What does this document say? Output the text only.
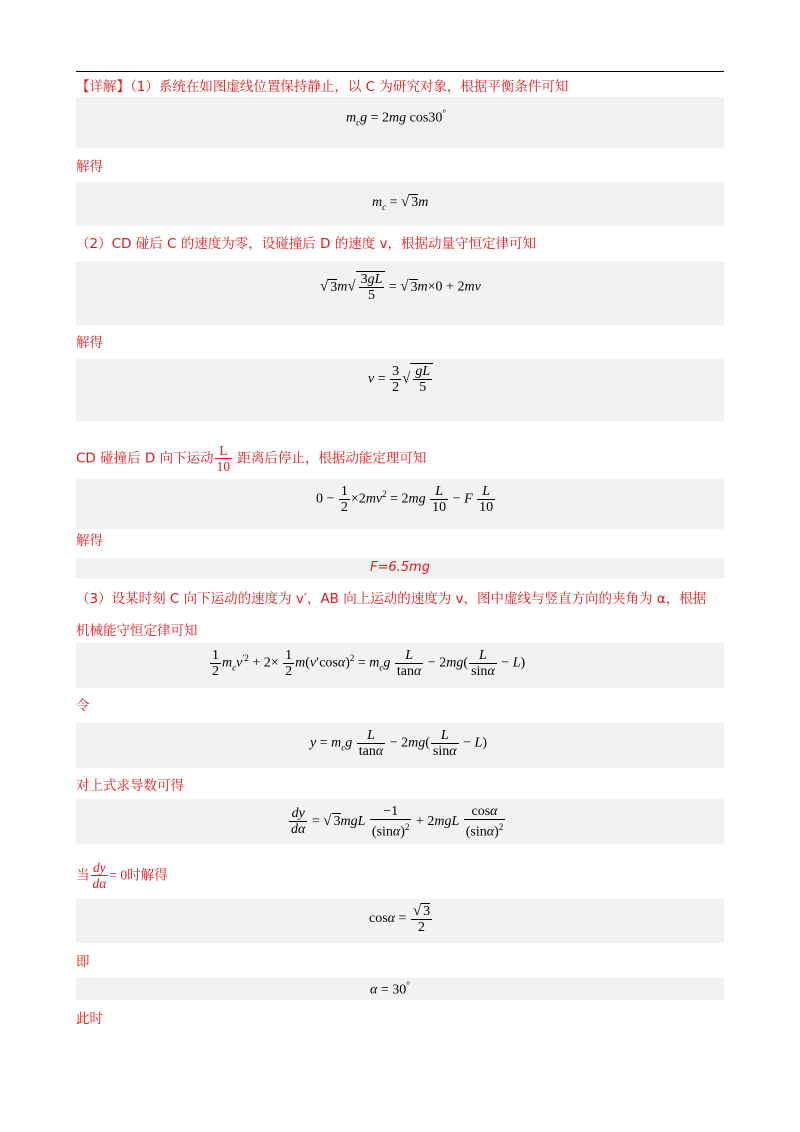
【详解】（1）系统在如图虚线位置保持静止，以 C 为研究对象，根据平衡条件可知
$m_cg = 2mg$ cos30°
解得
$m_c$ = √ 3m
（2）CD 碰后 C 的速度为零，设碰撞后 D 的速度 v，根据动量守恒定律可知
√ $3m√ \frac{3gL}{5}$ = √ 3m×0 + 2mv
解得
$v = \frac{3}{2}$ √ $\frac{gL}{5}$
CD 碰撞后 D 向下运动 $\frac{L}{10}$ 距离后停止，根据动能定理可知
$0 - \frac{1}{2} \times 2mv^2 = 2mg \frac{L}{10} - F \frac{L}{10}$
解得
F=6.5mg
（3）设某时刻 C 向下运动的速度为 v′，AB 向上运动的速度为 v，图中虚线与竖直方向的夹角为 α，根据
机械能守恒定律可知
$\frac{1}{2} m_cv^{'2} + 2\times \frac{1}{2} m(v'\cos\alpha)^2 = m_cg \frac{L}{\tan\alpha} - 2mg( \frac{L}{\sin\alpha} - L)$
令
$y = m_cg \frac{L}{\tan\alpha} - 2mg( \frac{L}{\sin\alpha} - L)$
对上式求导数可得
$\frac{dy}{d\alpha}$ = √ $3mgL \frac{-1}{(\sin\alpha)^2} + 2mgL \frac{\cos\alpha}{(\sin\alpha)^2}$
当 $\frac{dy}{d\alpha} = 0$时解得
$\cos\alpha = \frac{√ 3}{2}$
即
α = 30°
此时
